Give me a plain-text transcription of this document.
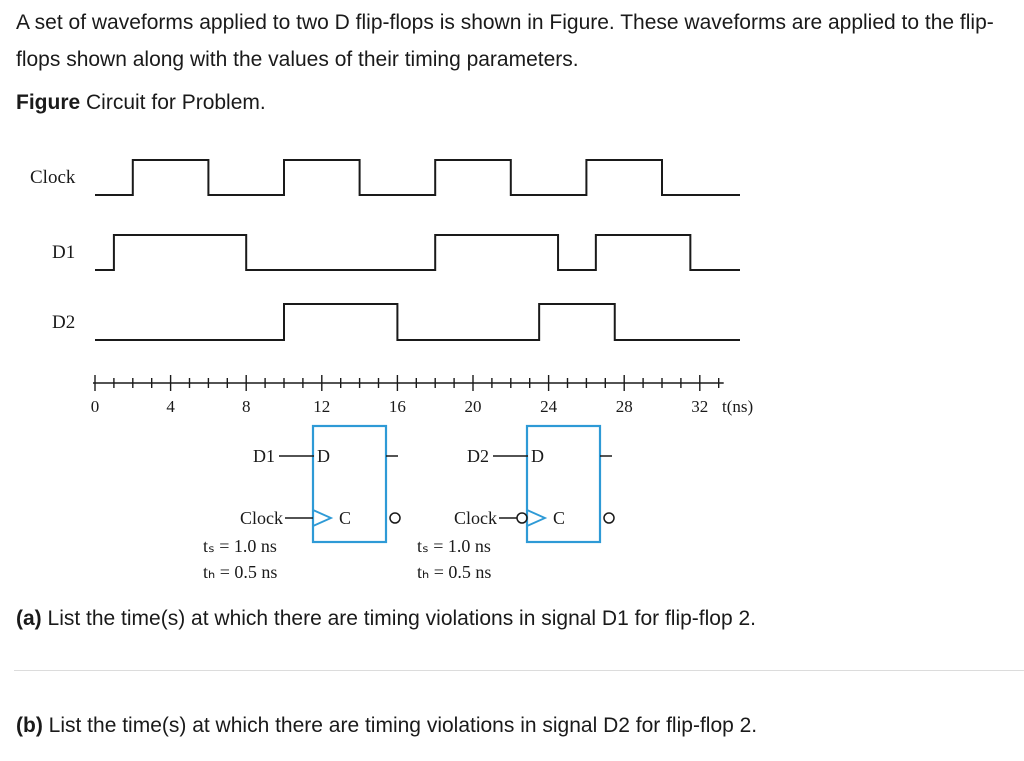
A set of waveforms applied to two D flip-flops is shown in Figure. These waveforms are applied to the flip-flops shown along with the values of their timing parameters.

Figure Circuit for Problem.

Clock
D1
D2
0	4	8	12	16	20	24	28	32 t(ns)
D1 D
Clock	C
tₛ = 1.0 ns
tₕ = 0.5 ns
D2 D
Clock	C
tₛ = 1.0 ns
tₕ = 0.5 ns

(a) List the time(s) at which there are timing violations in signal D1 for flip-flop 2.

(b) List the time(s) at which there are timing violations in signal D2 for flip-flop 2.
